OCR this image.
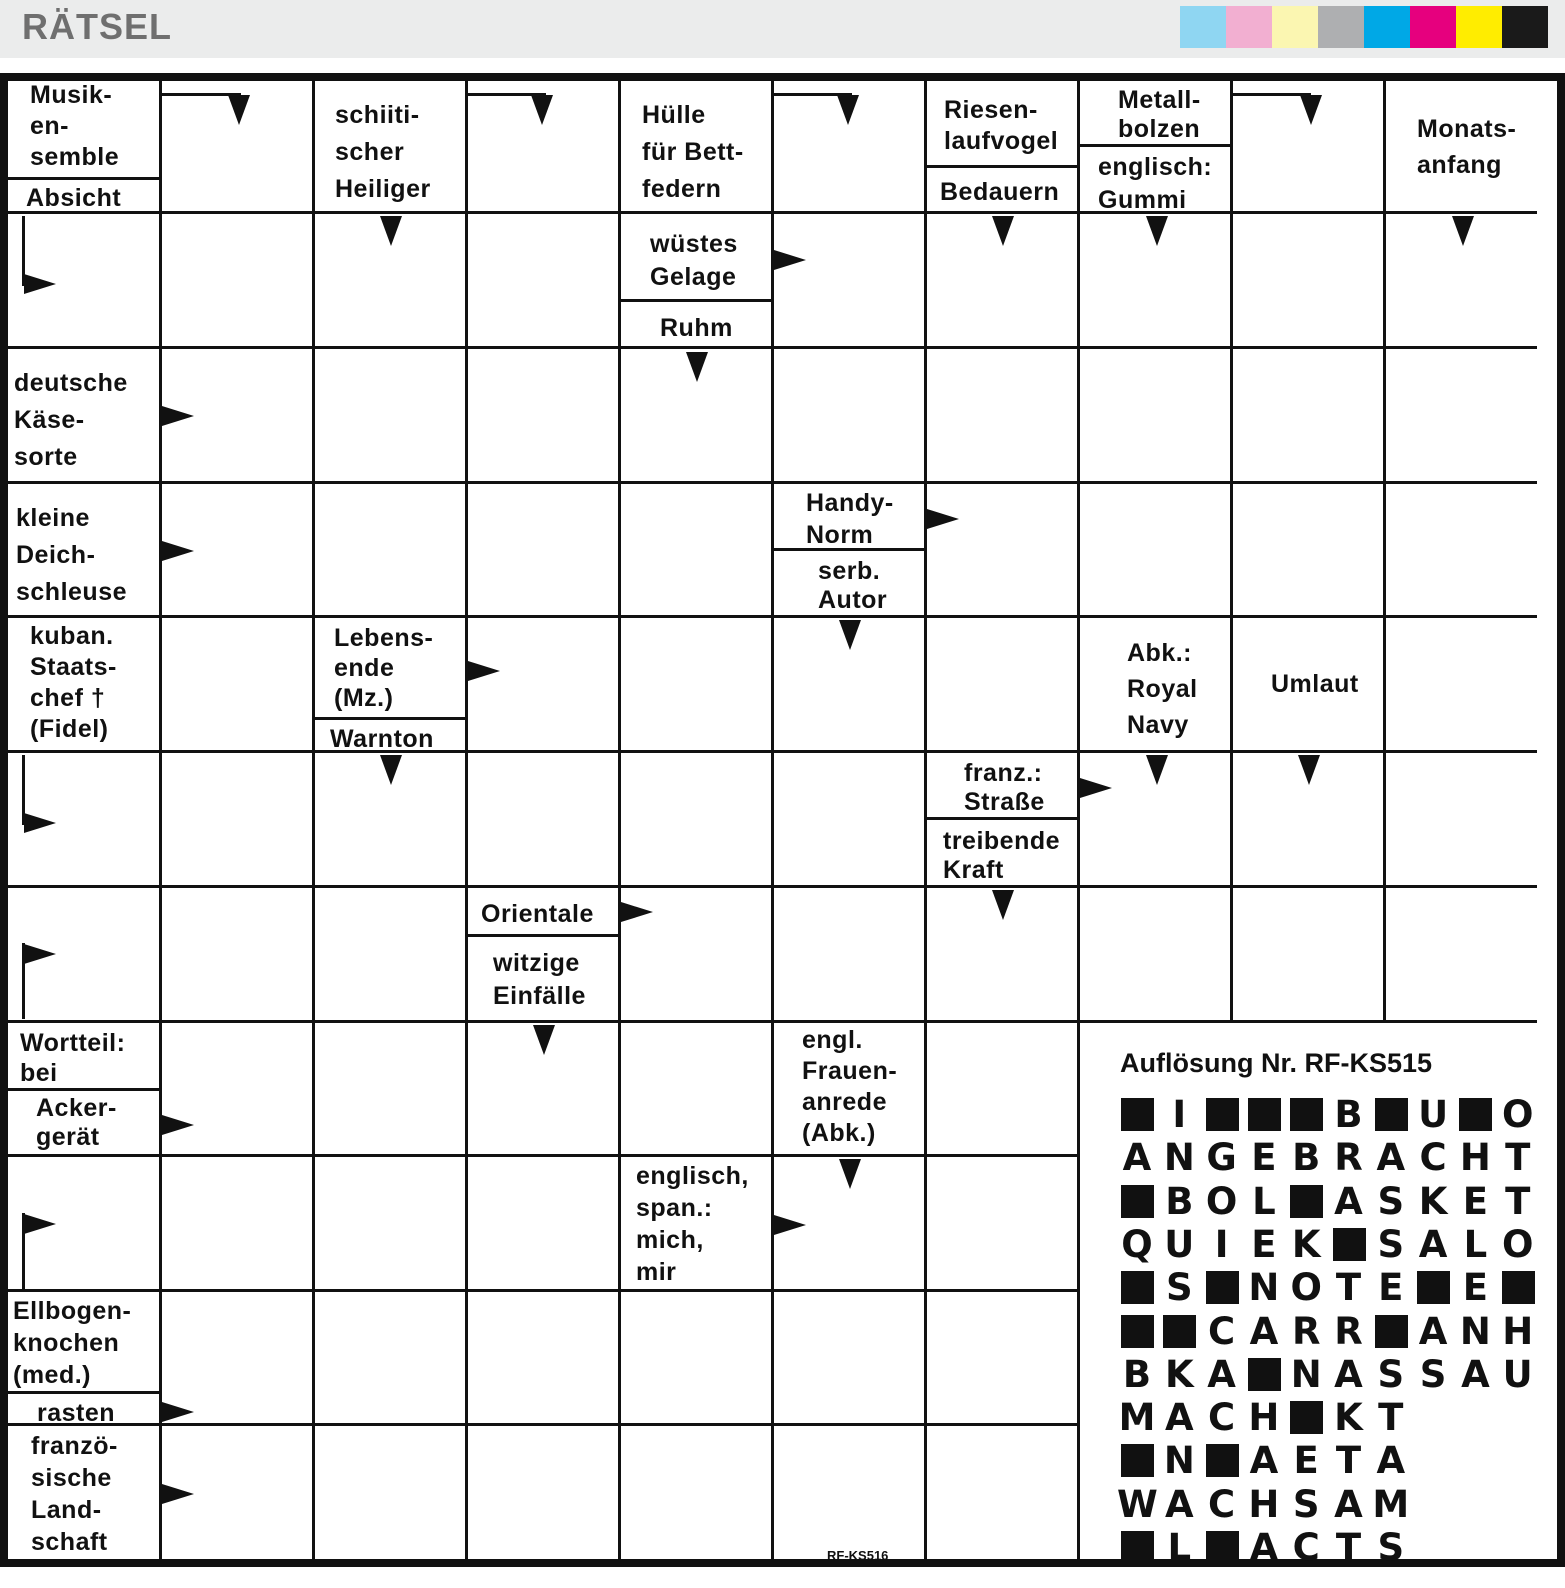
RÄTSEL
Musik-
en-
semble
Absicht
schiiti-
scher
Heiliger
Hülle
für Bett-
federn
Riesen-
laufvogel
Bedauern
Metall-
bolzen
englisch:
Gummi
Monats-
anfang
wüstes
Gelage
Ruhm
deutsche
Käse-
sorte
kleine
Deich-
schleuse
Handy-
Norm
serb.
Autor
kuban.
Staats-
chef †
(Fidel)
Lebens-
ende
(Mz.)
Warnton
Abk.:
Royal
Navy
Umlaut
franz.:
Straße
treibende
Kraft
Orientale
witzige
Einfälle
Wortteil:
bei
Acker-
gerät
engl.
Frauen-
anrede
(Abk.)
englisch,
span.:
mich,
mir
Ellbogen-
knochen
(med.)
rasten
franzö-
sische
Land-
schaft
Auflösung Nr. RF-KS515
I	B U O
A N G E B R A C H T
B O L A S K E T
Q U I E K S A L O
S N O T E E
C A R R A N H
B K A N A S S A U
M A C H K T
N A E T A
W A C H S A M
L A C T S
RF-KS516
